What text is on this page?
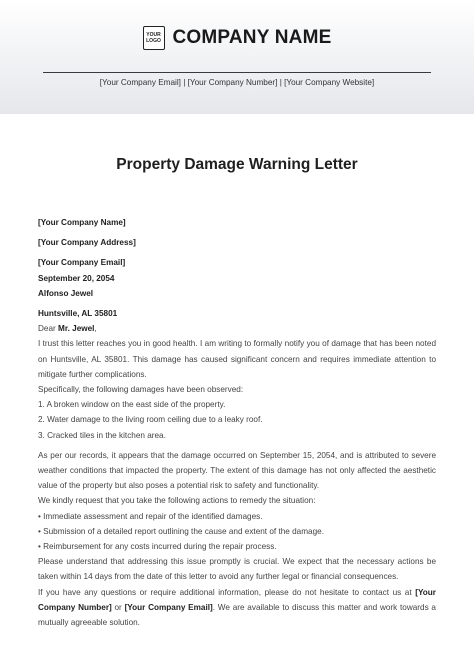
YOUR
LOGO COMPANY NAME
[Your Company Email] | [Your Company Number] | [Your Company Website]
Property Damage Warning Letter

[Your Company Name]

[Your Company Address]

[Your Company Email]

September 20, 2054

Alfonso Jewel

Huntsville, AL 35801

Dear Mr. Jewel,

I trust this letter reaches you in good health. I am writing to formally notify you of damage that has been noted on Huntsville, AL 35801. This damage has caused significant concern and requires immediate attention to mitigate further complications.

Specifically, the following damages have been observed:

1. A broken window on the east side of the property.

2. Water damage to the living room ceiling due to a leaky roof.

3. Cracked tiles in the kitchen area.

As per our records, it appears that the damage occurred on September 15, 2054, and is attributed to severe weather conditions that impacted the property. The extent of this damage has not only affected the aesthetic value of the property but also poses a potential risk to safety and functionality.

We kindly request that you take the following actions to remedy the situation:

• Immediate assessment and repair of the identified damages.

• Submission of a detailed report outlining the cause and extent of the damage.

• Reimbursement for any costs incurred during the repair process.

Please understand that addressing this issue promptly is crucial. We expect that the necessary actions be taken within 14 days from the date of this letter to avoid any further legal or financial consequences.

If you have any questions or require additional information, please do not hesitate to contact us at [Your Company Number] or [Your Company Email]. We are available to discuss this matter and work towards a mutually agreeable solution.
